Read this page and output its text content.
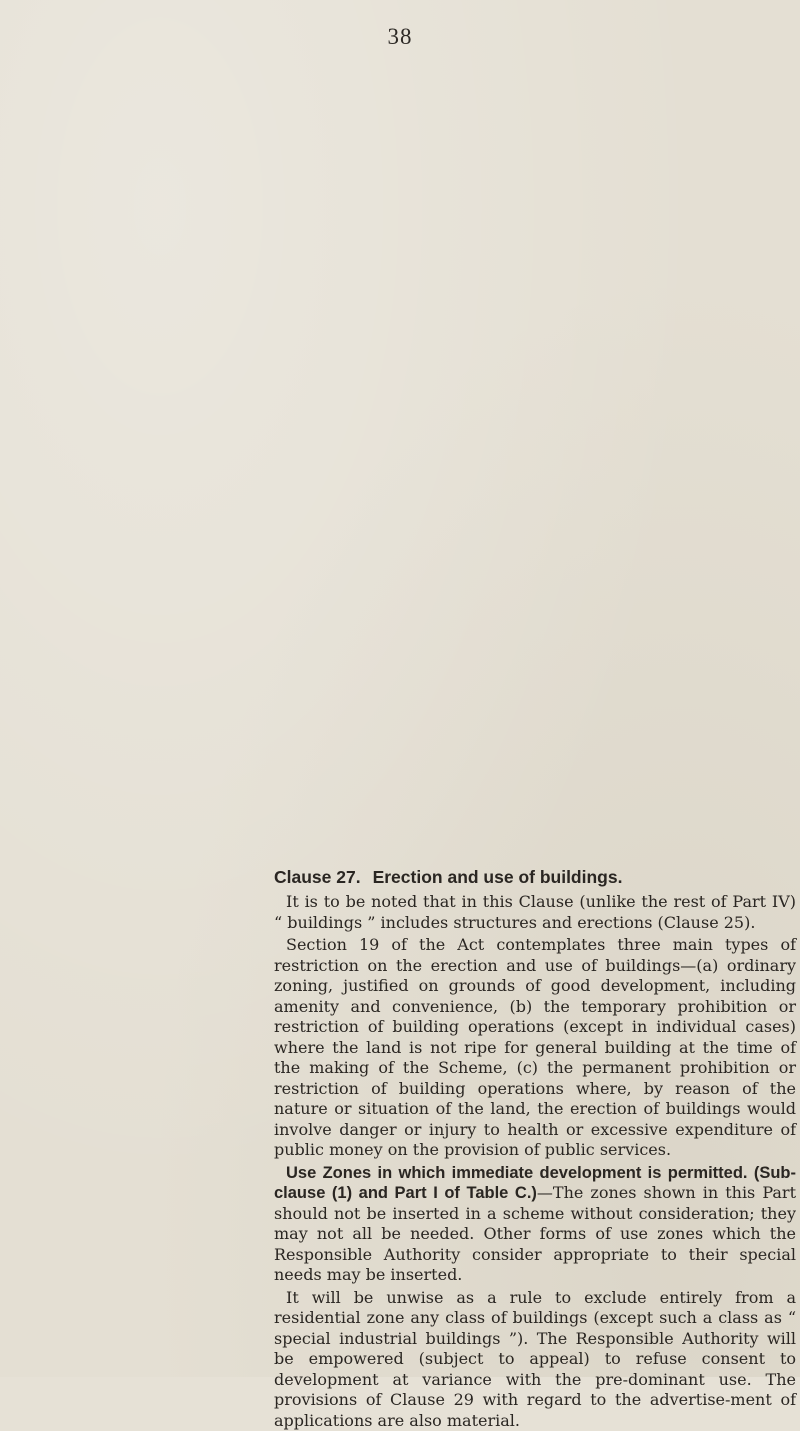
38
Clause 27. Erection and use of buildings.

It is to be noted that in this Clause (unlike the rest of Part IV) “ buildings ” includes structures and erections (Clause 25).

Section 19 of the Act contemplates three main types of restriction on the erection and use of buildings—(a) ordinary zoning, justified on grounds of good development, including amenity and convenience, (b) the temporary prohibition or restriction of building operations (except in individual cases) where the land is not ripe for general building at the time of the making of the Scheme, (c) the permanent prohibition or restriction of building operations where, by reason of the nature or situation of the land, the erection of buildings would involve danger or injury to health or excessive expenditure of public money on the provision of public services.

Use Zones in which immediate development is permitted. (Sub-clause (1) and Part I of Table C.)—The zones shown in this Part should not be inserted in a scheme without consideration; they may not all be needed. Other forms of use zones which the Responsible Authority consider appropriate to their special needs may be inserted.

It will be unwise as a rule to exclude entirely from a residential zone any class of buildings (except such a class as “ special industrial buildings ”). The Responsible Authority will be empowered (subject to appeal) to refuse consent to development at variance with the pre-dominant use. The provisions of Clause 29 with regard to the advertise-ment of applications are also material.
